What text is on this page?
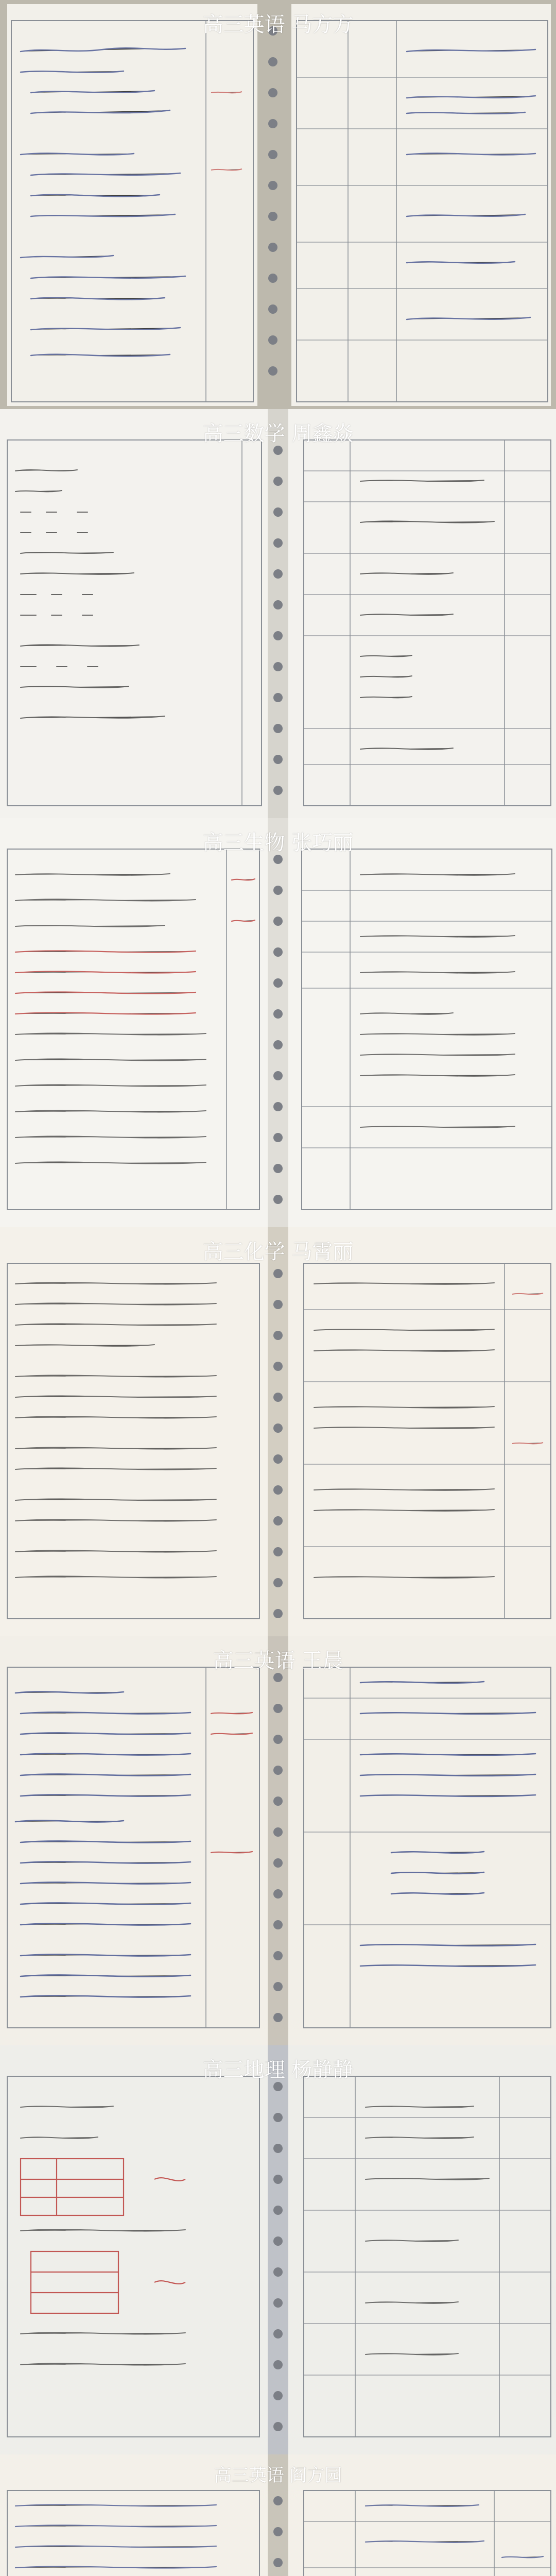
高三英语 马方方
高三数学 周鑫焱
高三生物 张巧丽
高三化学 马霄丽
高三英语 王晨
高三地理 杨静静
高三英语 阎方园
